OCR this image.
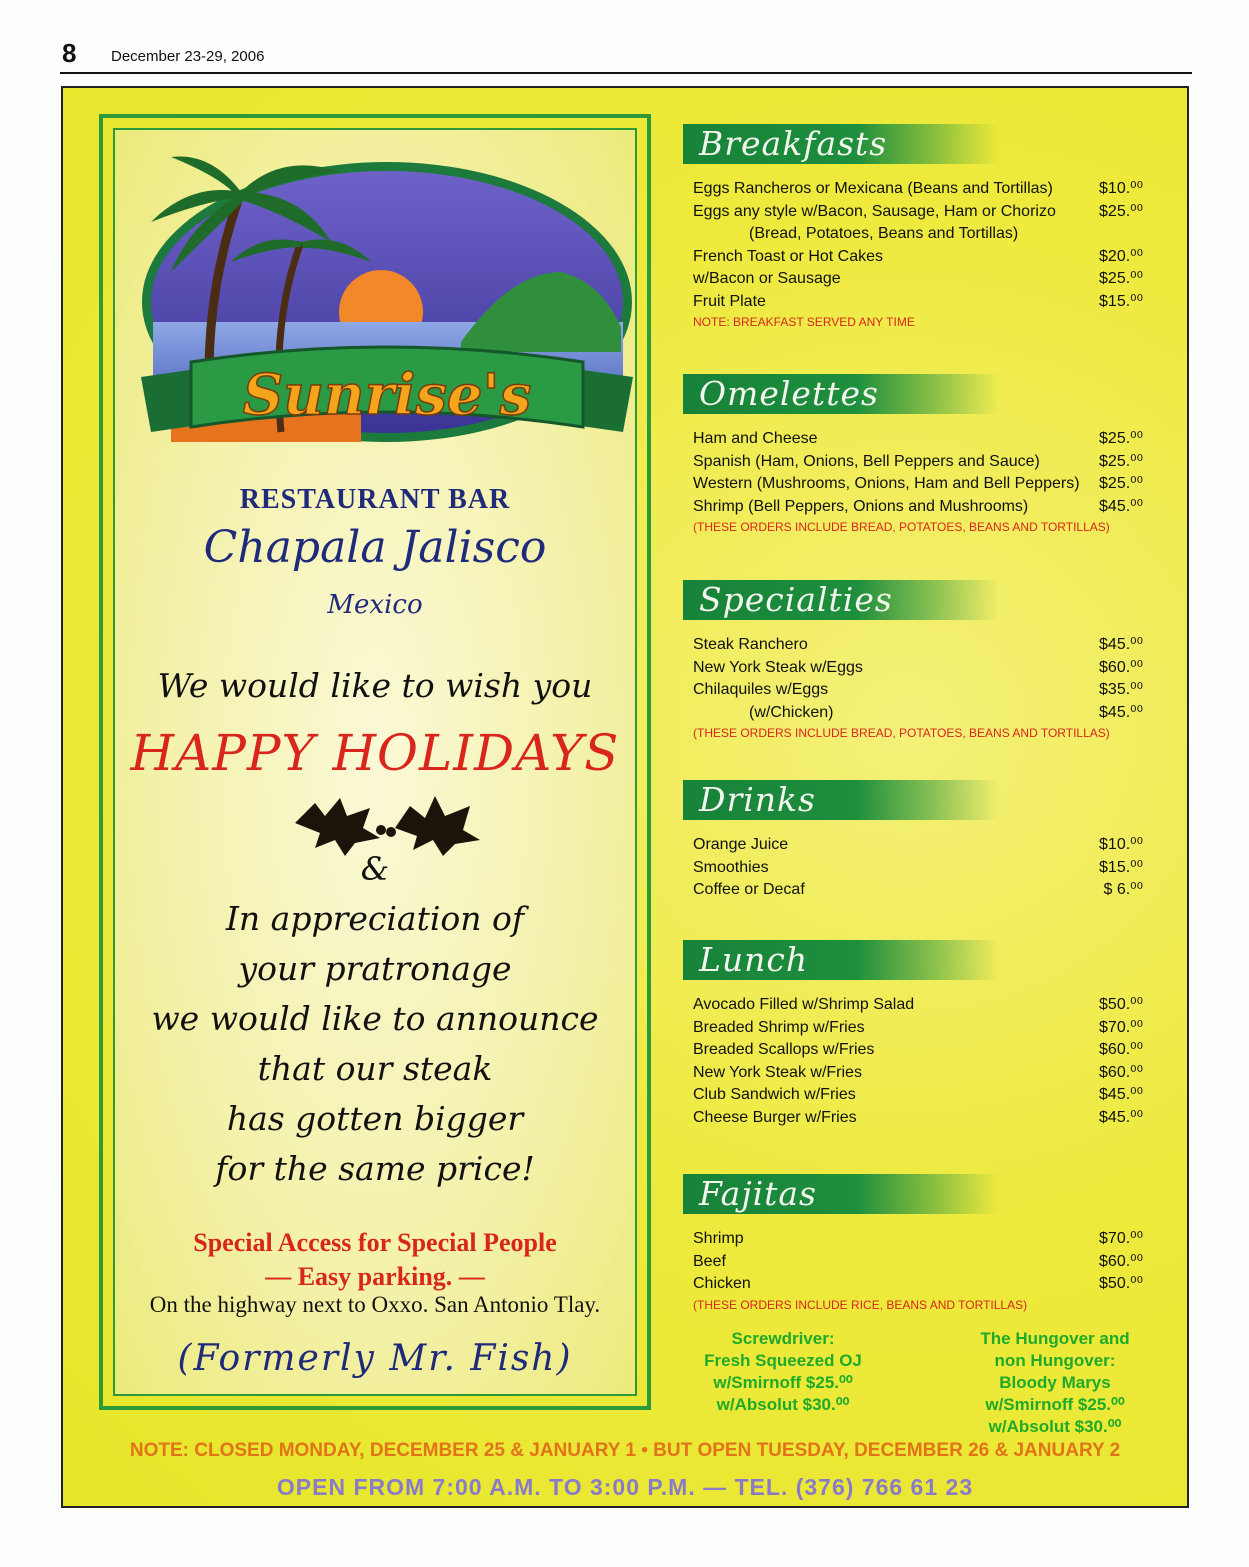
8 December 23-29, 2006
Sunrise's
RESTAURANT BAR
Chapala Jalisco
Mexico
We would like to wish you
HAPPY HOLIDAYS
&
In appreciation of
your pratronage
we would like to announce
that our steak
has gotten bigger
for the same price!
Special Access for Special People
— Easy parking. —
On the highway next to Oxxo. San Antonio Tlay.
(Formerly Mr. Fish)
Breakfasts
Eggs Rancheros or Mexicana (Beans and Tortillas)	$10.⁰⁰
Eggs any style w/Bacon, Sausage, Ham or Chorizo	$25.⁰⁰
(Bread, Potatoes, Beans and Tortillas)
French Toast or Hot Cakes	$20.⁰⁰
w/Bacon or Sausage	$25.⁰⁰
Fruit Plate	$15.⁰⁰
NOTE: BREAKFAST SERVED ANY TIME
Omelettes
Ham and Cheese	$25.⁰⁰
Spanish (Ham, Onions, Bell Peppers and Sauce)	$25.⁰⁰
Western (Mushrooms, Onions, Ham and Bell Peppers) $25.⁰⁰
Shrimp (Bell Peppers, Onions and Mushrooms)	$45.⁰⁰
(THESE ORDERS INCLUDE BREAD, POTATOES, BEANS AND TORTILLAS)
Specialties
Steak Ranchero	$45.⁰⁰
New York Steak w/Eggs	$60.⁰⁰
Chilaquiles w/Eggs	$35.⁰⁰
(w/Chicken)	$45.⁰⁰
(THESE ORDERS INCLUDE BREAD, POTATOES, BEANS AND TORTILLAS)
Drinks
Orange Juice	$10.⁰⁰
Smoothies	$15.⁰⁰
Coffee or Decaf	$ 6.⁰⁰
Lunch
Avocado Filled w/Shrimp Salad	$50.⁰⁰
Breaded Shrimp w/Fries	$70.⁰⁰
Breaded Scallops w/Fries	$60.⁰⁰
New York Steak w/Fries	$60.⁰⁰
Club Sandwich w/Fries	$45.⁰⁰
Cheese Burger w/Fries	$45.⁰⁰
Fajitas
Shrimp	$70.⁰⁰
Beef	$60.⁰⁰
Chicken	$50.⁰⁰
(THESE ORDERS INCLUDE RICE, BEANS AND TORTILLAS)
Screwdriver:
Fresh Squeezed OJ
w/Smirnoff $25.⁰⁰
w/Absolut $30.⁰⁰
The Hungover and
non Hungover:
Bloody Marys
w/Smirnoff $25.⁰⁰
w/Absolut $30.⁰⁰
NOTE: CLOSED MONDAY, DECEMBER 25 & JANUARY 1 • BUT OPEN TUESDAY, DECEMBER 26 & JANUARY 2
OPEN FROM 7:00 A.M. TO 3:00 P.M. — TEL. (376) 766 61 23
